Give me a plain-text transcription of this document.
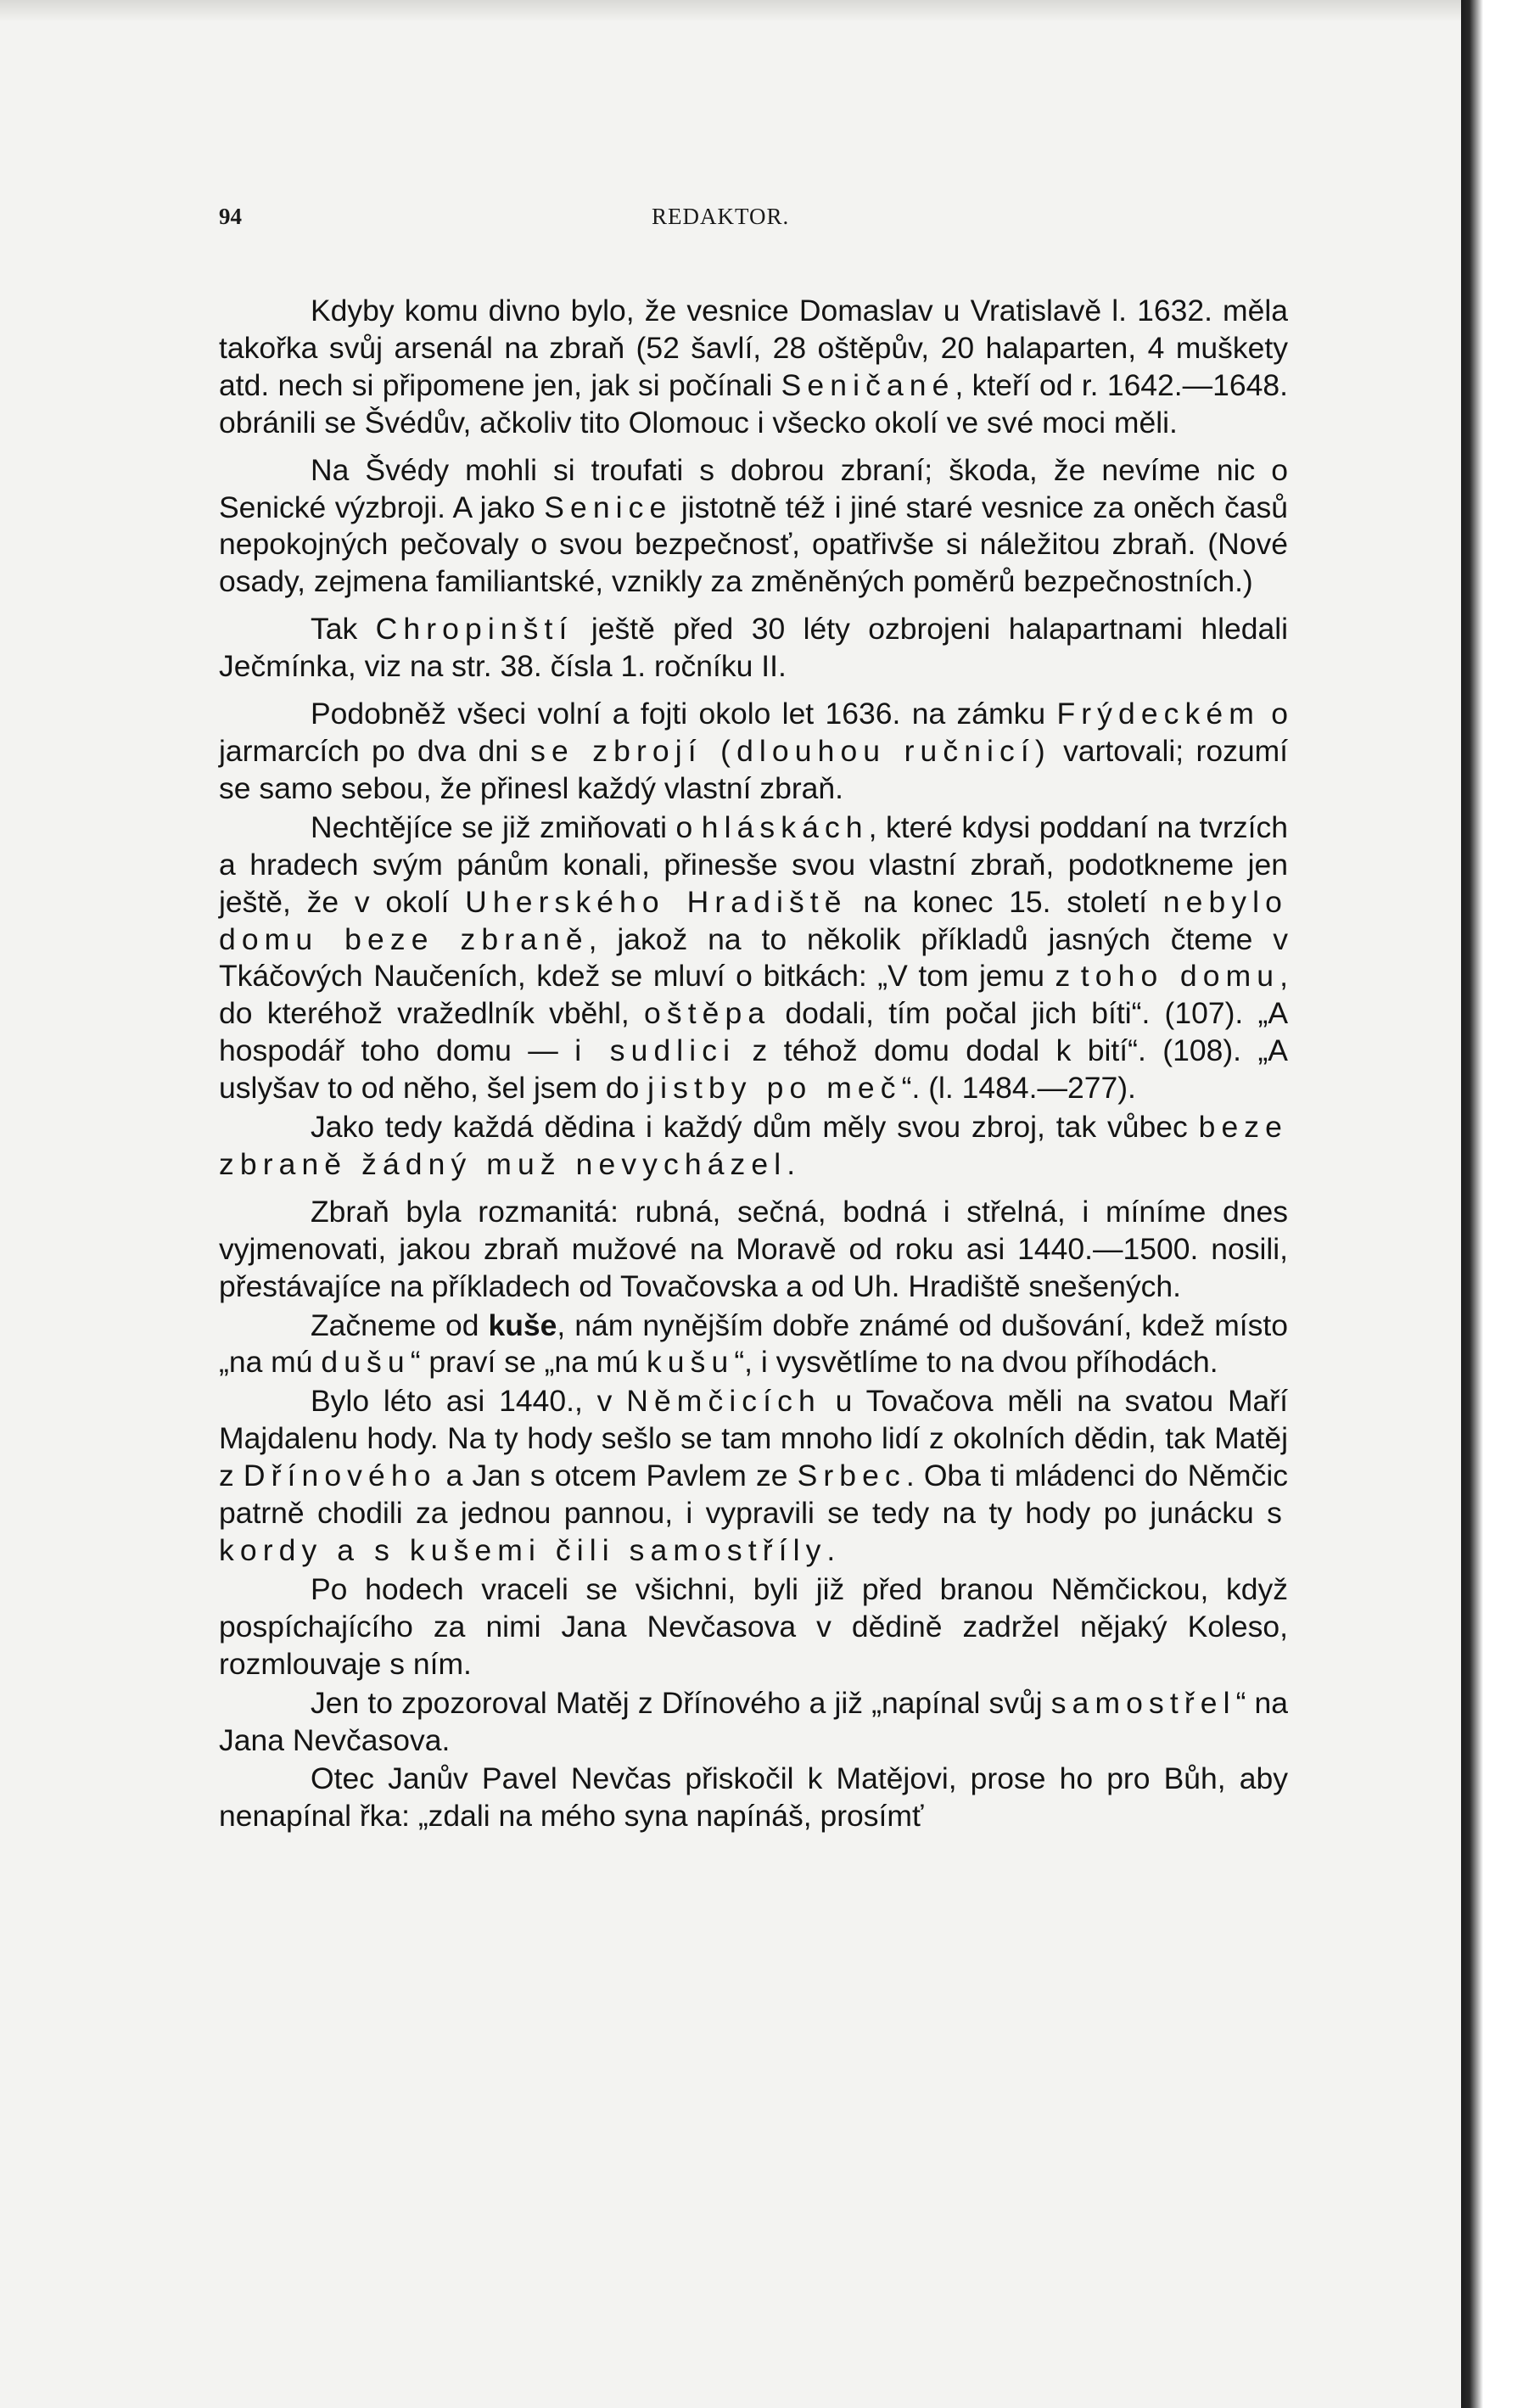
94	REDAKTOR.

Kdyby komu divno bylo, že vesnice Domaslav u Vratislavě l. 1632. měla takořka svůj arsenál na zbraň (52 šavlí, 28 oštěpův, 20 halaparten, 4 muškety atd. nech si připomene jen, jak si počínali Seničané, kteří od r. 1642.—1648. obránili se Švédův, ačkoliv tito Olomouc i všecko okolí ve své moci měli.

Na Švédy mohli si troufati s dobrou zbraní; škoda, že nevíme nic o Senické výzbroji. A jako Senice jistotně též i jiné staré vesnice za oněch časů nepokojných pečovaly o svou bezpečnosť, opatřivše si náležitou zbraň. (Nové osady, zejmena familiantské, vznikly za změněných poměrů bezpečnostních.)

Tak Chropinští ještě před 30 léty ozbrojeni halapartnami hledali Ječmínka, viz na str. 38. čísla 1. ročníku II.

Podobněž všeci volní a fojti okolo let 1636. na zámku Frýdeckém o jarmarcích po dva dni se zbrojí (dlouhou ručnicí) vartovali; rozumí se samo sebou, že přinesl každý vlastní zbraň.

Nechtějíce se již zmiňovati o hláskách, které kdysi poddaní na tvrzích a hradech svým pánům konali, přinesše svou vlastní zbraň, podotkneme jen ještě, že v okolí Uherského Hradiště na konec 15. století nebylo domu beze zbraně, jakož na to několik příkladů jasných čteme v Tkáčových Naučeních, kdež se mluví o bitkách: „V tom jemu z toho domu, do kteréhož vražedlník vběhl, oštěpa dodali, tím počal jich bíti“. (107). „A hospodář toho domu — i sudlici z téhož domu dodal k bití“. (108). „A uslyšav to od něho, šel jsem do jistby po meč“. (l. 1484.—277).

Jako tedy každá dědina i každý dům měly svou zbroj, tak vůbec beze zbraně žádný muž nevycházel.

Zbraň byla rozmanitá: rubná, sečná, bodná i střelná, i míníme dnes vyjmenovati, jakou zbraň mužové na Moravě od roku asi 1440.—1500. nosili, přestávajíce na příkladech od Tovačovska a od Uh. Hradiště snešených.

Začneme od kuše, nám nynějším dobře známé od dušování, kdež místo „na mú dušu“ praví se „na mú kušu“, i vysvětlíme to na dvou příhodách.

Bylo léto asi 1440., v Němčicích u Tovačova měli na svatou Maří Majdalenu hody. Na ty hody sešlo se tam mnoho lidí z okolních dědin, tak Matěj z Dřínového a Jan s otcem Pavlem ze Srbec. Oba ti mládenci do Němčic patrně chodili za jednou pannou, i vypravili se tedy na ty hody po junácku s kordy a s kušemi čili samostříly.

Po hodech vraceli se všichni, byli již před branou Němčickou, když pospíchajícího za nimi Jana Nevčasova v dědině zadržel nějaký Koleso, rozmlouvaje s ním.

Jen to zpozoroval Matěj z Dřínového a již „napínal svůj samostřel“ na Jana Nevčasova.

Otec Janův Pavel Nevčas přiskočil k Matějovi, prose ho pro Bůh, aby nenapínal řka: „zdali na mého syna napínáš, prosímť
